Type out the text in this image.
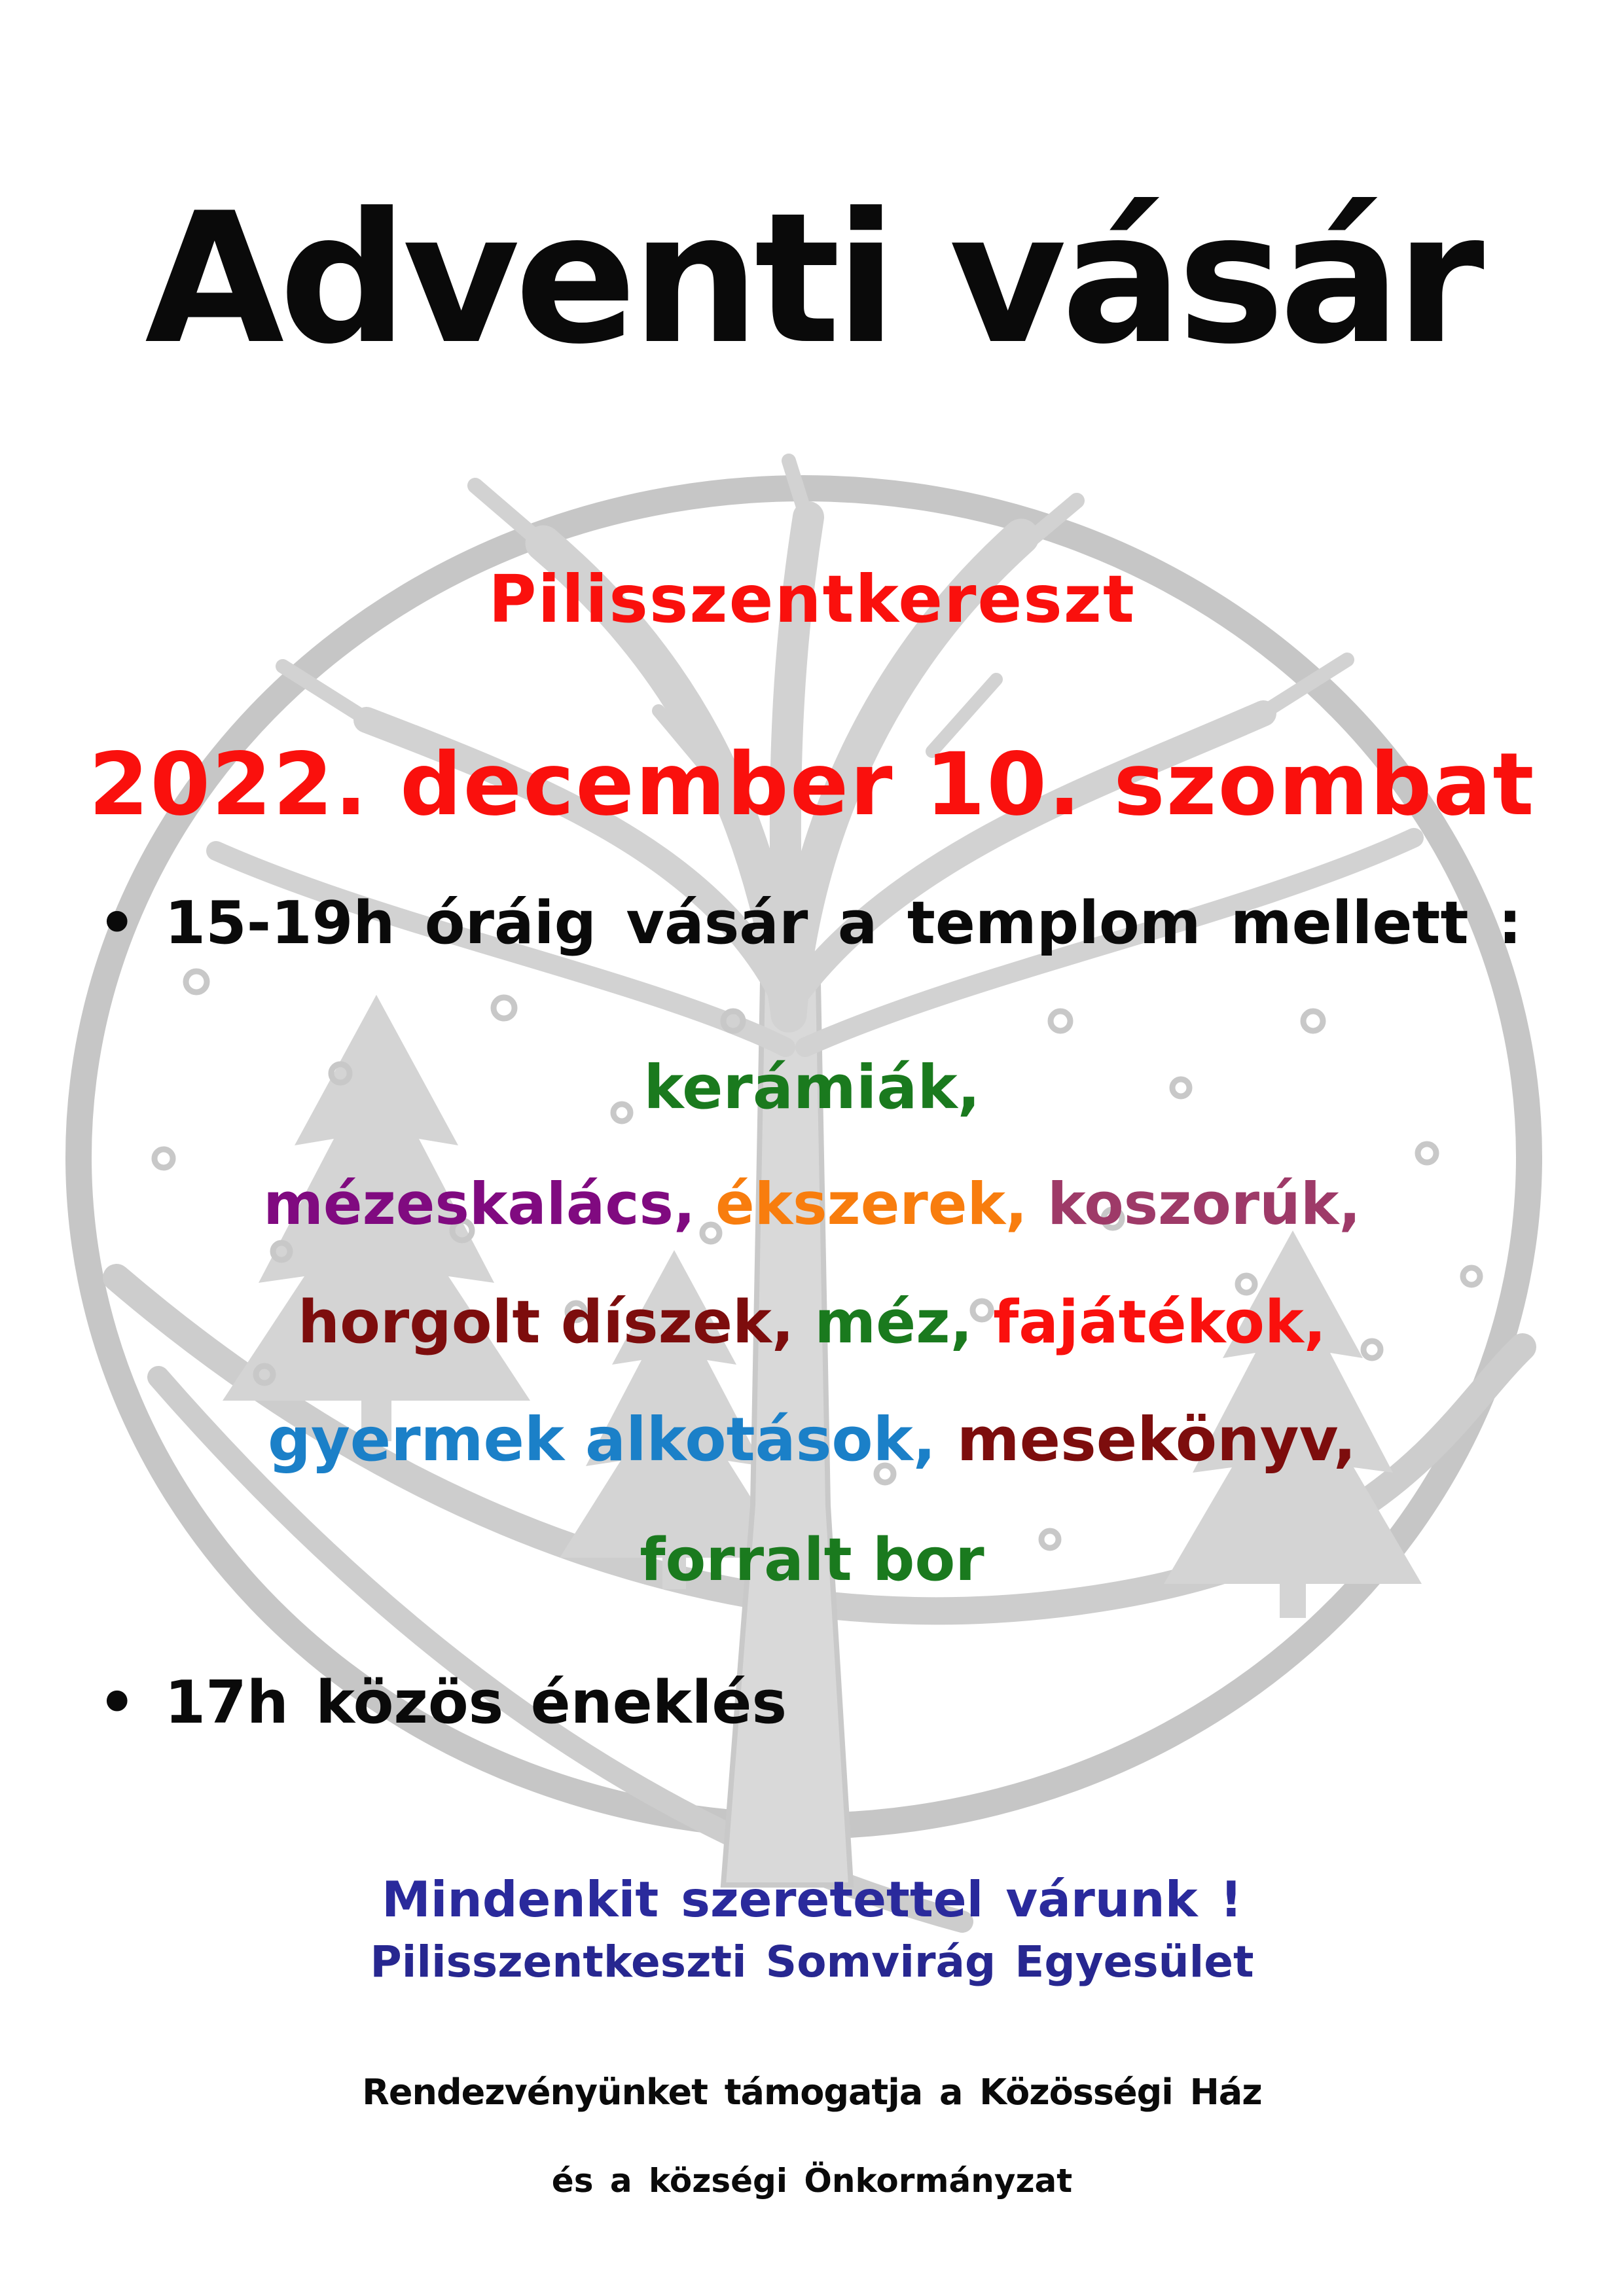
Adventi vásár
Pilisszentkereszt
2022. december 10. szombat
• 15-19h óráig vásár a templom mellett :
kerámiák,
mézeskalács, ékszerek, koszorúk,
horgolt díszek, méz, fajátékok,
gyermek alkotások, mesekönyv,
forralt bor
• 17h közös éneklés
Mindenkit szeretettel várunk !
Pilisszentkeszti Somvirág Egyesület
Rendezvényünket támogatja a Közösségi Ház
és a községi Önkormányzat
